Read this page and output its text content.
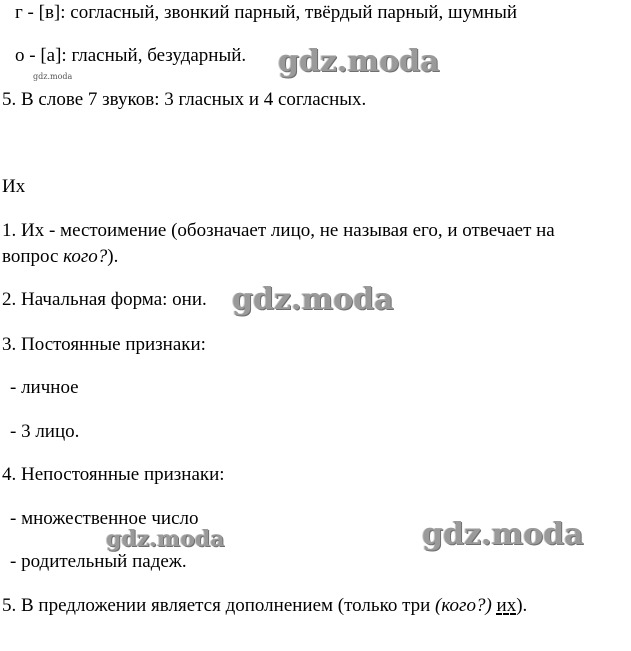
г - [в]: согласный, звонкий парный, твёрдый парный, шумный
о - [а]: гласный, безударный. gdz.moda
gdz.moda
5. В слове 7 звуков: 3 гласных и 4 согласных.
Их
1. Их - местоимение (обозначает лицо, не называя его, и отвечает на
вопрос кого?).
2. Начальная форма: они. gdz.moda
3. Постоянные признаки:
- личное
- 3 лицо.
4. Непостоянные признаки:
- множественное число
gdz.moda
- родительный падеж.
gdz.moda
5. В предложении является дополнением (только три (кого?) их).
